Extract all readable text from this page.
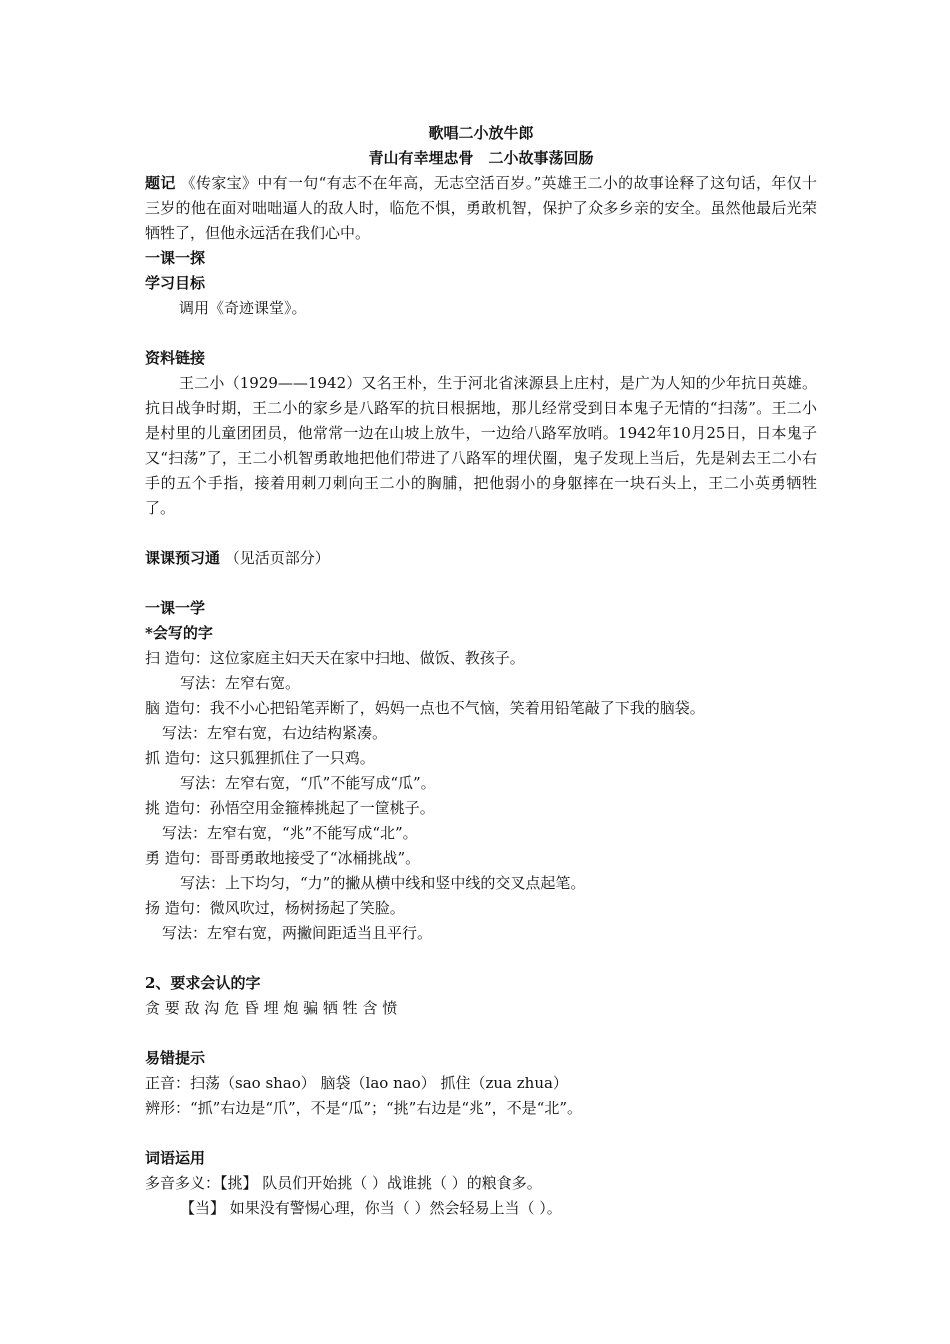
歌唱二小放牛郎
青山有幸埋忠骨　二小故事荡回肠
题记 《传家宝》中有一句“有志不在年高，无志空活百岁。”英雄王二小的故事诠释了这句话，年仅十三岁的他在面对咄咄逼人的敌人时，临危不惧，勇敢机智，保护了众多乡亲的安全。虽然他最后光荣牺牲了，但他永远活在我们心中。
一课一探
学习目标
调用《奇迹课堂》。
资料链接
王二小（1929——1942）又名王朴，生于河北省涞源县上庄村，是广为人知的少年抗日英雄。抗日战争时期，王二小的家乡是八路军的抗日根据地，那儿经常受到日本鬼子无情的“扫荡”。王二小是村里的儿童团团员，他常常一边在山坡上放牛，一边给八路军放哨。1942年10月25日，日本鬼子又“扫荡”了，王二小机智勇敢地把他们带进了八路军的埋伏圈，鬼子发现上当后，先是剁去王二小右手的五个手指，接着用刺刀刺向王二小的胸脯，把他弱小的身躯摔在一块石头上，王二小英勇牺牲了。
课课预习通 （见活页部分）
一课一学
*会写的字
扫 造句：这位家庭主妇天天在家中扫地、做饭、教孩子。
写法：左窄右宽。
脑 造句：我不小心把铅笔弄断了，妈妈一点也不气恼，笑着用铅笔敲了下我的脑袋。
写法：左窄右宽，右边结构紧凑。
抓 造句：这只狐狸抓住了一只鸡。
写法：左窄右宽，“爪”不能写成“瓜”。
挑 造句：孙悟空用金箍棒挑起了一筐桃子。
写法：左窄右宽，“兆”不能写成“北”。
勇 造句：哥哥勇敢地接受了“冰桶挑战”。
写法：上下均匀，“力”的撇从横中线和竖中线的交叉点起笔。
扬 造句：微风吹过，杨树扬起了笑脸。
写法：左窄右宽，两撇间距适当且平行。
2、要求会认的字
贪 要 敌 沟 危 昏 埋 炮 骗 牺 牲 含 愤
易错提示
正音：扫荡（sao shao） 脑袋（lao nao） 抓住（zua zhua）
辨形：“抓”右边是“爪”，不是“瓜”；“挑”右边是“兆”，不是“北”。
词语运用
多音多义：【挑】 队员们开始挑（ ）战谁挑（ ）的粮食多。
【当】 如果没有警惕心理，你当（ ）然会轻易上当（ ）。
